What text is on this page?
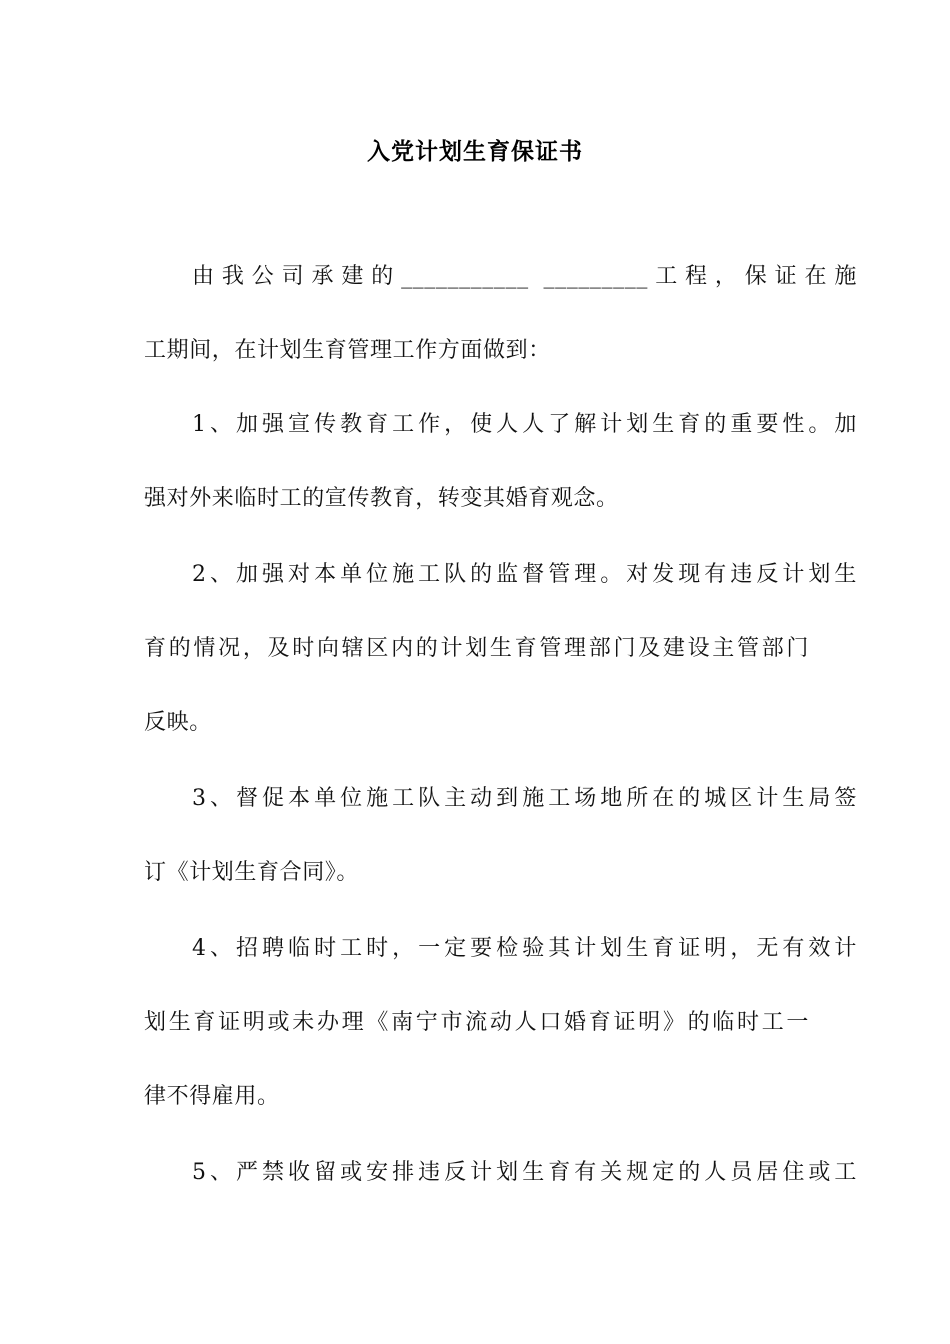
入党计划生育保证书
由我公司承建的___________ _________工程，保证在施
工期间，在计划生育管理工作方面做到：
1、加强宣传教育工作，使人人了解计划生育的重要性。加
强对外来临时工的宣传教育，转变其婚育观念。
2、加强对本单位施工队的监督管理。对发现有违反计划生
育的情况，及时向辖区内的计划生育管理部门及建设主管部门
反映。
3、督促本单位施工队主动到施工场地所在的城区计生局签
订《计划生育合同》。
4、招聘临时工时，一定要检验其计划生育证明，无有效计
划生育证明或未办理《南宁市流动人口婚育证明》的临时工一
律不得雇用。
5、严禁收留或安排违反计划生育有关规定的人员居住或工
